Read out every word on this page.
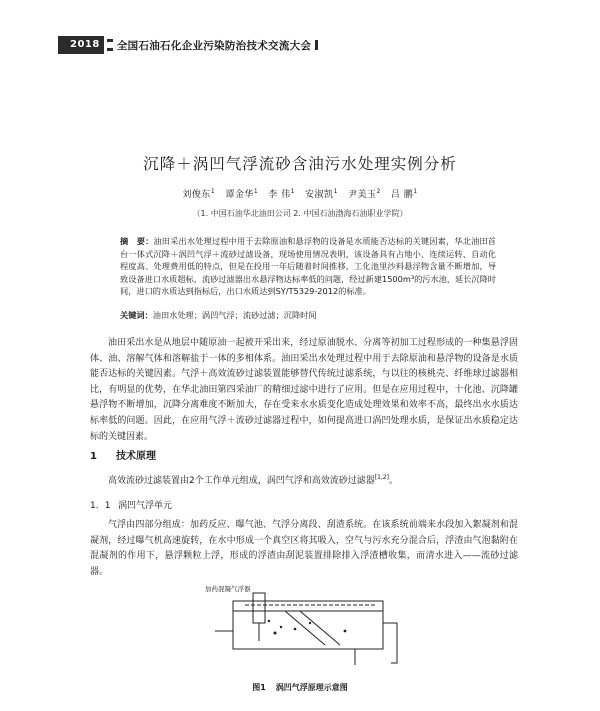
2018	全国石油石化企业污染防治技术交流大会
沉降＋涡凹气浮流砂含油污水处理实例分析
刘俊东$^1$ 谭金华$^1$ 李 伟$^1$ 安淑凯$^1$ 尹美玉$^2$ 吕 鹏$^1$
（1. 中国石油华北油田公司 2. 中国石油渤海石油职业学院）
摘　要：油田采出水处理过程中用于去除原油和悬浮物的设备是水质能否达标的关键因素，华北油田首台一体式沉降＋涡凹气浮＋流砂过滤设备，现场使用情况表明，该设备具有占地小、连续运转、自动化程度高、处理费用低的特点，但是在投用一年后随着时间推移，工化池里沙料悬浮物含量不断增加，导致设备进口水质超标，流砂过滤器出水悬浮物达标率低的问题，经过新建1500m³的污水池，延长沉降时间，进口的水质达到指标后，出口水质达到SY/T5329-2012的标准。
关键词：油田水处理；涡凹气浮；流砂过滤；沉降时间
油田采出水是从地层中随原油一起被开采出来，经过原油脱水、分离等初加工过程形成的一种集悬浮固体、油、溶解气体和溶解盐于一体的多相体系。油田采出水处理过程中用于去除原油和悬浮物的设备是水质能否达标的关键因素。气浮＋高效流砂过滤装置能够替代传统过滤系统，与以往的核桃壳、纤维球过滤器相比，有明显的优势，在华北油田第四采油厂的精细过滤中进行了应用。但是在应用过程中，十化池、沉降罐悬浮物不断增加，沉降分离难度不断加大，存在受来水水质变化造成处理效果和效率不高，最终出水水质达标率低的问题。因此，在应用气浮＋流砂过滤器过程中，如何提高进口涡凹处理水质，是保证出水质稳定达标的关键因素。
1 技术原理
高效流砂过滤装置由2个工作单元组成，涡凹气浮和高效流砂过滤器[1,2]。
1．1 涡凹气浮单元
气浮由四部分组成：加药反应、曝气池、气浮分离段、刮渣系统。在该系统前端来水段加入絮凝剂和混凝剂，经过曝气机高速旋转，在水中形成一个真空区将其吸入，空气与污水充分混合后，浮渣由气泡黏附在混凝剂的作用下，悬浮颗粒上浮，形成的浮渣由刮泥装置排除排入浮渣槽收集，而清水进入——流砂过滤器。
加药混凝气浮器
图1 涡凹气浮原理示意图
